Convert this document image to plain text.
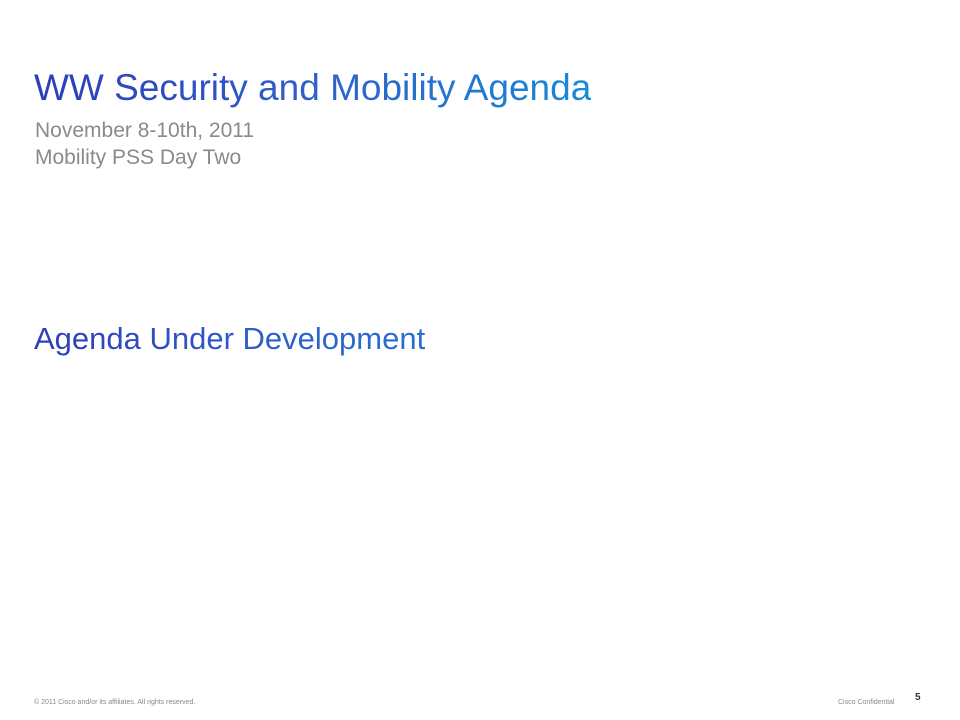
WW Security and Mobility Agenda
November 8-10th, 2011
Mobility PSS Day Two
Agenda Under Development
© 2011 Cisco and/or its affiliates. All rights reserved.	Cisco Confidential 5
